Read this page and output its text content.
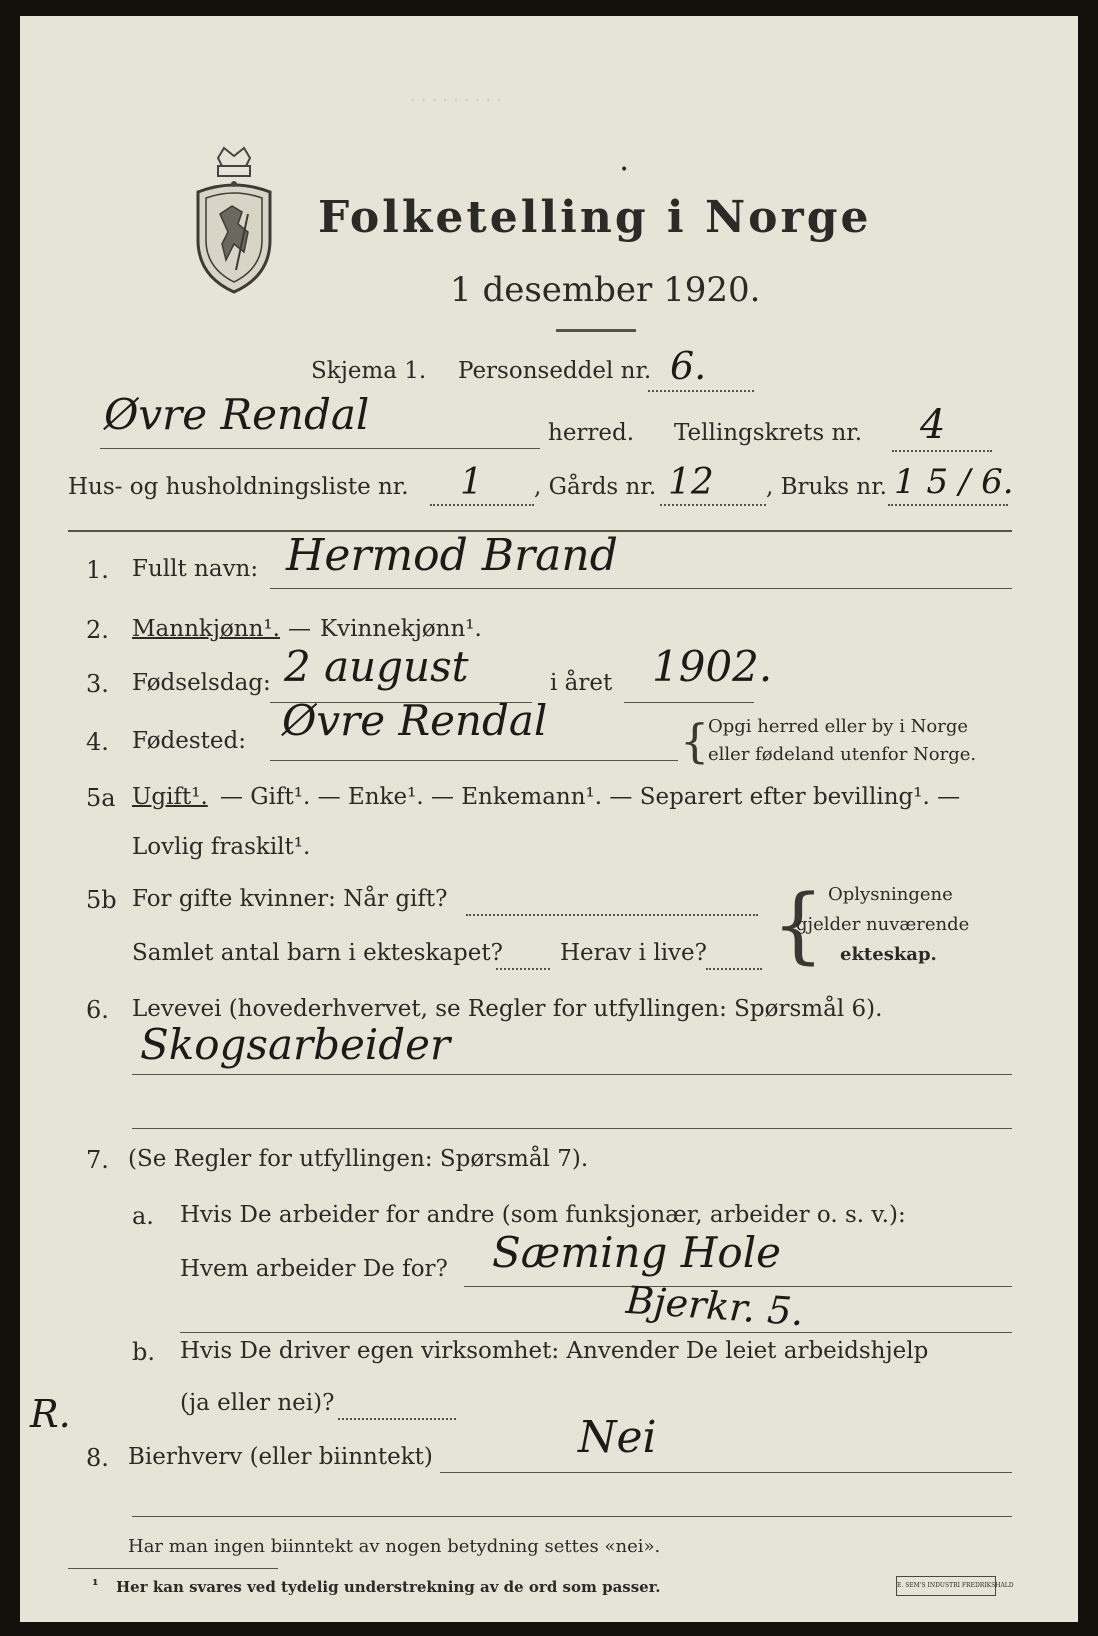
· · · · · · · · ·
Folketelling i Norge
1 desember 1920.
•
Skjema 1. Personseddel nr. 6.
Øvre Rendal	herred. Tellingskrets nr. 4
Hus- og husholdningsliste nr. 1 , Gårds nr. 12 , Bruks nr. 1 5 / 6.
1. Fullt navn: Hermod Brand
2. Mannkjønn¹. — Kvinnekjønn¹.
3. Fødselsdag: 2 august	i året 1902.
4. Fødested: Øvre Rendal	{
Opgi herred eller by i Norge
eller fødeland utenfor Norge.
5a Ugift¹. — Gift¹. — Enke¹. — Enkemann¹. — Separert efter bevilling¹. —
Lovlig fraskilt¹.
5b For gifte kvinner: Når gift?
Samlet antal barn i ekteskapet? Herav i live? { Oplysningene
gjelder nuværende
ekteskap.
6. Levevei (hovederhvervet, se Regler for utfyllingen: Spørsmål 6).
Skogsarbeider
7. (Se Regler for utfyllingen: Spørsmål 7).
a. Hvis De arbeider for andre (som funksjonær, arbeider o. s. v.):
Hvem arbeider De for? Sæming Hole
Bjerkr. 5.
b. Hvis De driver egen virksomhet: Anvender De leiet arbeidshjelp
(ja eller nei)?
R.
8. Bierhverv (eller biinntekt)	Nei
Har man ingen biinntekt av nogen betydning settes «nei».
¹ Her kan svares ved tydelig understrekning av de ord som passer.	E. SEM'S INDUSTRI FREDRIKSHALD
